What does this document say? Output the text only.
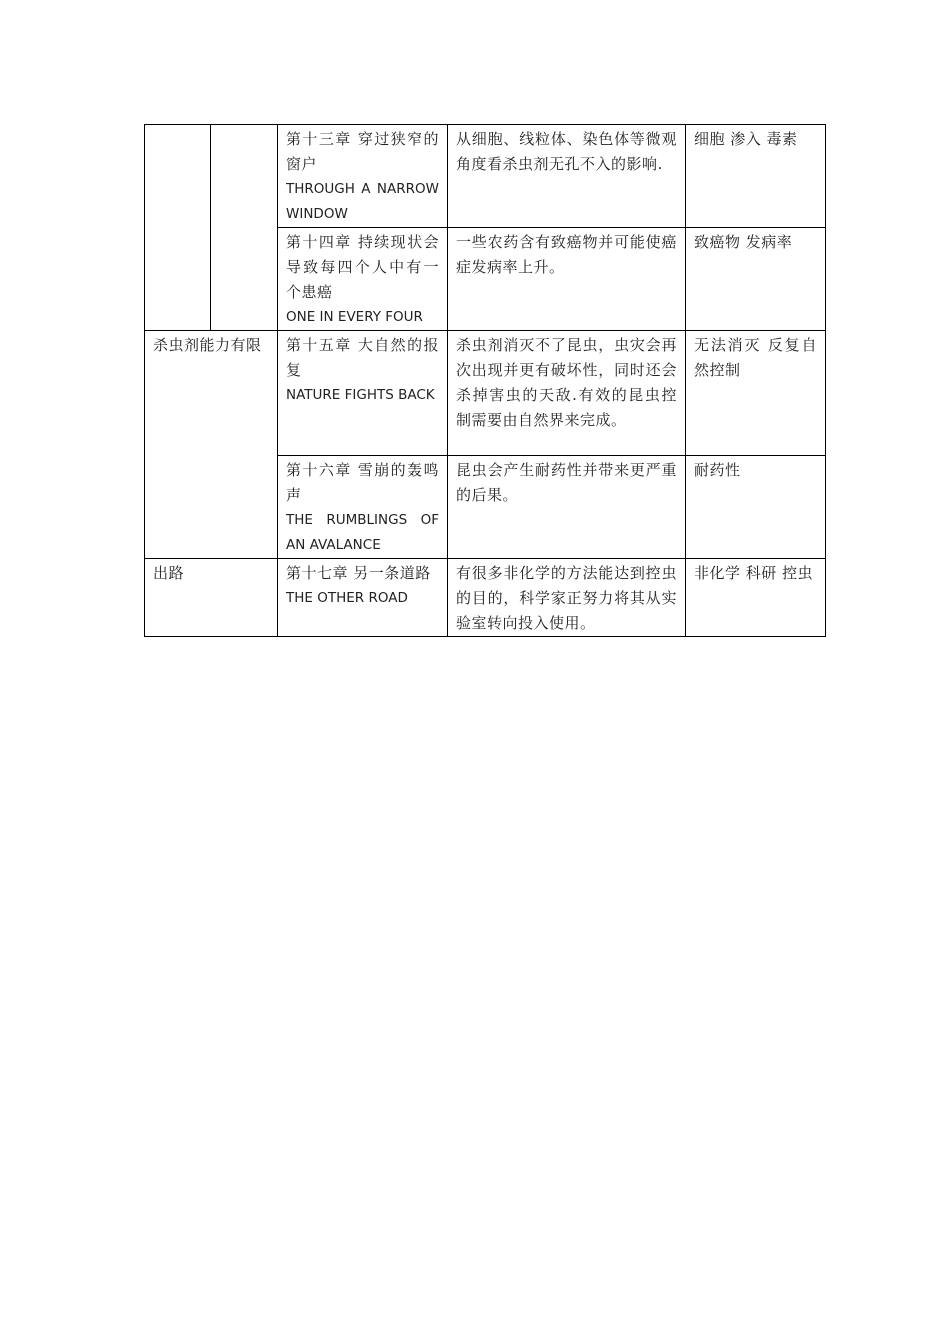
		第十三章 穿过狭窄的窗户
THROUGH A NARROW WINDOW	从细胞、线粒体、染色体等微观角度看杀虫剂无孔不入的影响.	细胞 渗入 毒素

		第十四章 持续现状会导致每四个人中有一个患癌
ONE IN EVERY FOUR	一些农药含有致癌物并可能使癌症发病率上升。	致癌物 发病率
杀虫剂能力有限		第十五章 大自然的报复
NATURE FIGHTS BACK	杀虫剂消灭不了昆虫，虫灾会再次出现并更有破坏性，同时还会杀掉害虫的天敌.有效的昆虫控制需要由自然界来完成。	无法消灭 反复自然控制

		第十六章 雪崩的轰鸣声
THE RUMBLINGS OF AN AVALANCE	昆虫会产生耐药性并带来更严重的后果。	耐药性
出路		第十七章 另一条道路
THE OTHER ROAD	有很多非化学的方法能达到控虫的目的，科学家正努力将其从实验室转向投入使用。	非化学 科研 控虫
